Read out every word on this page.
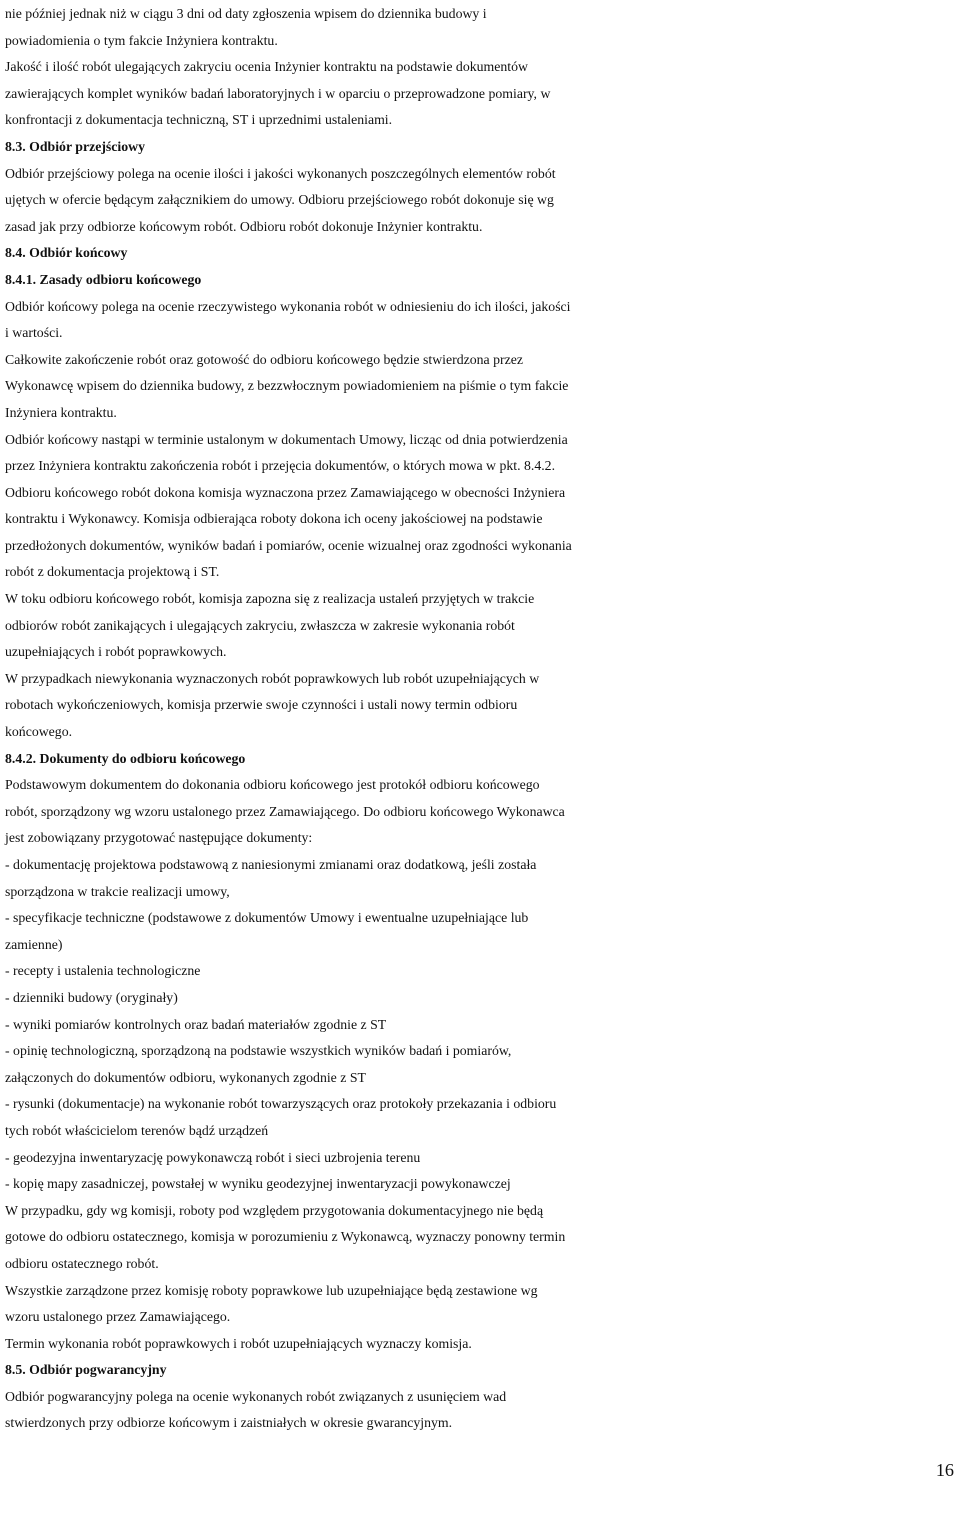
nie później jednak niż w ciągu 3 dni od daty zgłoszenia wpisem do dziennika budowy i
powiadomienia o tym fakcie Inżyniera kontraktu.
Jakość i ilość robót ulegających zakryciu ocenia Inżynier kontraktu na podstawie dokumentów
zawierających komplet wyników badań laboratoryjnych i w oparciu o przeprowadzone pomiary, w
konfrontacji z dokumentacja techniczną, ST i uprzednimi ustaleniami.
8.3. Odbiór przejściowy
Odbiór przejściowy polega na ocenie ilości i jakości wykonanych poszczególnych elementów robót
ujętych w ofercie będącym załącznikiem do umowy. Odbioru przejściowego robót dokonuje się wg
zasad jak przy odbiorze końcowym robót. Odbioru robót dokonuje Inżynier kontraktu.
8.4. Odbiór końcowy
8.4.1. Zasady odbioru końcowego
Odbiór końcowy polega na ocenie rzeczywistego wykonania robót w odniesieniu do ich ilości, jakości
i wartości.
Całkowite zakończenie robót oraz gotowość do odbioru końcowego będzie stwierdzona przez
Wykonawcę wpisem do dziennika budowy, z bezzwłocznym powiadomieniem na piśmie o tym fakcie
Inżyniera kontraktu.
Odbiór końcowy nastąpi w terminie ustalonym w dokumentach Umowy, licząc od dnia potwierdzenia
przez Inżyniera kontraktu zakończenia robót i przejęcia dokumentów, o których mowa w pkt. 8.4.2.
Odbioru końcowego robót dokona komisja wyznaczona przez Zamawiającego w obecności Inżyniera
kontraktu i Wykonawcy. Komisja odbierająca roboty dokona ich oceny jakościowej na podstawie
przedłożonych dokumentów, wyników badań i pomiarów, ocenie wizualnej oraz zgodności wykonania
robót z dokumentacja projektową i ST.
W toku odbioru końcowego robót, komisja zapozna się z realizacja ustaleń przyjętych w trakcie
odbiorów robót zanikających i ulegających zakryciu, zwłaszcza w zakresie wykonania robót
uzupełniających i robót poprawkowych.
W przypadkach niewykonania wyznaczonych robót poprawkowych lub robót uzupełniających w
robotach wykończeniowych, komisja przerwie swoje czynności i ustali nowy termin odbioru
końcowego.
8.4.2. Dokumenty do odbioru końcowego
Podstawowym dokumentem do dokonania odbioru końcowego jest protokół odbioru końcowego
robót, sporządzony wg wzoru ustalonego przez Zamawiającego. Do odbioru końcowego Wykonawca
jest zobowiązany przygotować następujące dokumenty:
- dokumentację projektowa podstawową z naniesionymi zmianami oraz dodatkową, jeśli została
sporządzona w trakcie realizacji umowy,
- specyfikacje techniczne (podstawowe z dokumentów Umowy i ewentualne uzupełniające lub
zamienne)
- recepty i ustalenia technologiczne
- dzienniki budowy (oryginały)
- wyniki pomiarów kontrolnych oraz badań materiałów zgodnie z ST
- opinię technologiczną, sporządzoną na podstawie wszystkich wyników badań i pomiarów,
załączonych do dokumentów odbioru, wykonanych zgodnie z ST
- rysunki (dokumentacje) na wykonanie robót towarzyszących oraz protokoły przekazania i odbioru
tych robót właścicielom terenów bądź urządzeń
- geodezyjna inwentaryzację powykonawczą robót i sieci uzbrojenia terenu
- kopię mapy zasadniczej, powstałej w wyniku geodezyjnej inwentaryzacji powykonawczej
W przypadku, gdy wg komisji, roboty pod względem przygotowania dokumentacyjnego nie będą
gotowe do odbioru ostatecznego, komisja w porozumieniu z Wykonawcą, wyznaczy ponowny termin
odbioru ostatecznego robót.
Wszystkie zarządzone przez komisję roboty poprawkowe lub uzupełniające będą zestawione wg
wzoru ustalonego przez Zamawiającego.
Termin wykonania robót poprawkowych i robót uzupełniających wyznaczy komisja.
8.5. Odbiór pogwarancyjny
Odbiór pogwarancyjny polega na ocenie wykonanych robót związanych z usunięciem wad
stwierdzonych przy odbiorze końcowym i zaistniałych w okresie gwarancyjnym.
16
